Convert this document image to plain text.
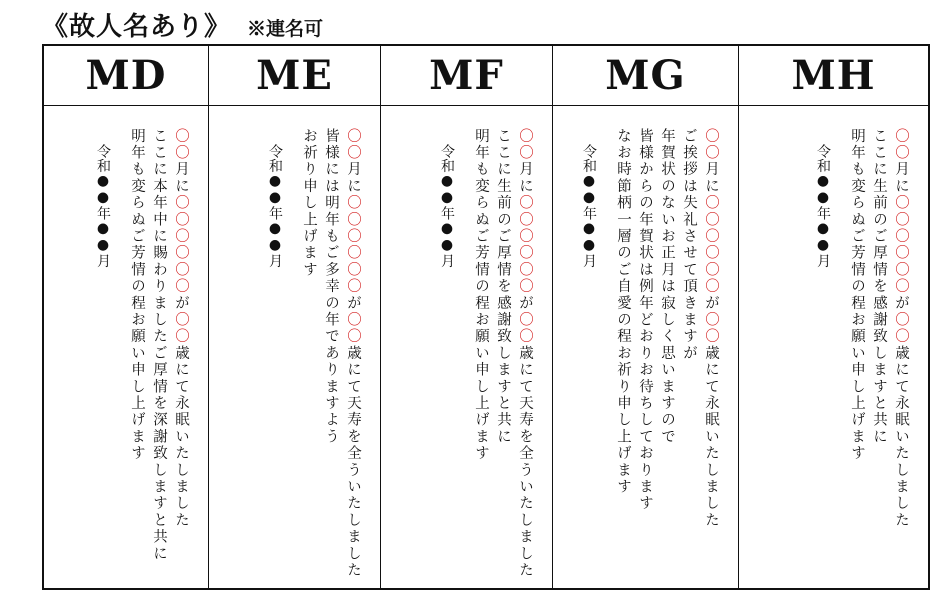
《故人名あり》 ※連名可
MD
〇〇月に〇〇〇〇〇〇が〇〇歳にて永眠いたしました
ここに本年中に賜わりましたご厚情を深謝致しますと共に
明年も変らぬご芳情の程お願い申し上げます
令和●●年●●月
ME
〇〇月に〇〇〇〇〇〇が〇〇歳にて天寿を全ういたしました
皆様には明年もご多幸の年でありますよう
お祈り申し上げます
令和●●年●●月
MF
〇〇月に〇〇〇〇〇〇が〇〇歳にて天寿を全ういたしました
ここに生前のご厚情を感謝致しますと共に
明年も変らぬご芳情の程お願い申し上げます
令和●●年●●月
MG
〇〇月に〇〇〇〇〇〇が〇〇歳にて永眠いたしました
ご挨拶は失礼させて頂きますが
年賀状のないお正月は寂しく思いますので
皆様からの年賀状は例年どおりお待ちしております
なお時節柄一層のご自愛の程お祈り申し上げます
令和●●年●●月
MH
〇〇月に〇〇〇〇〇〇が〇〇歳にて永眠いたしました
ここに生前のご厚情を感謝致しますと共に
明年も変らぬご芳情の程お願い申し上げます
令和●●年●●月
